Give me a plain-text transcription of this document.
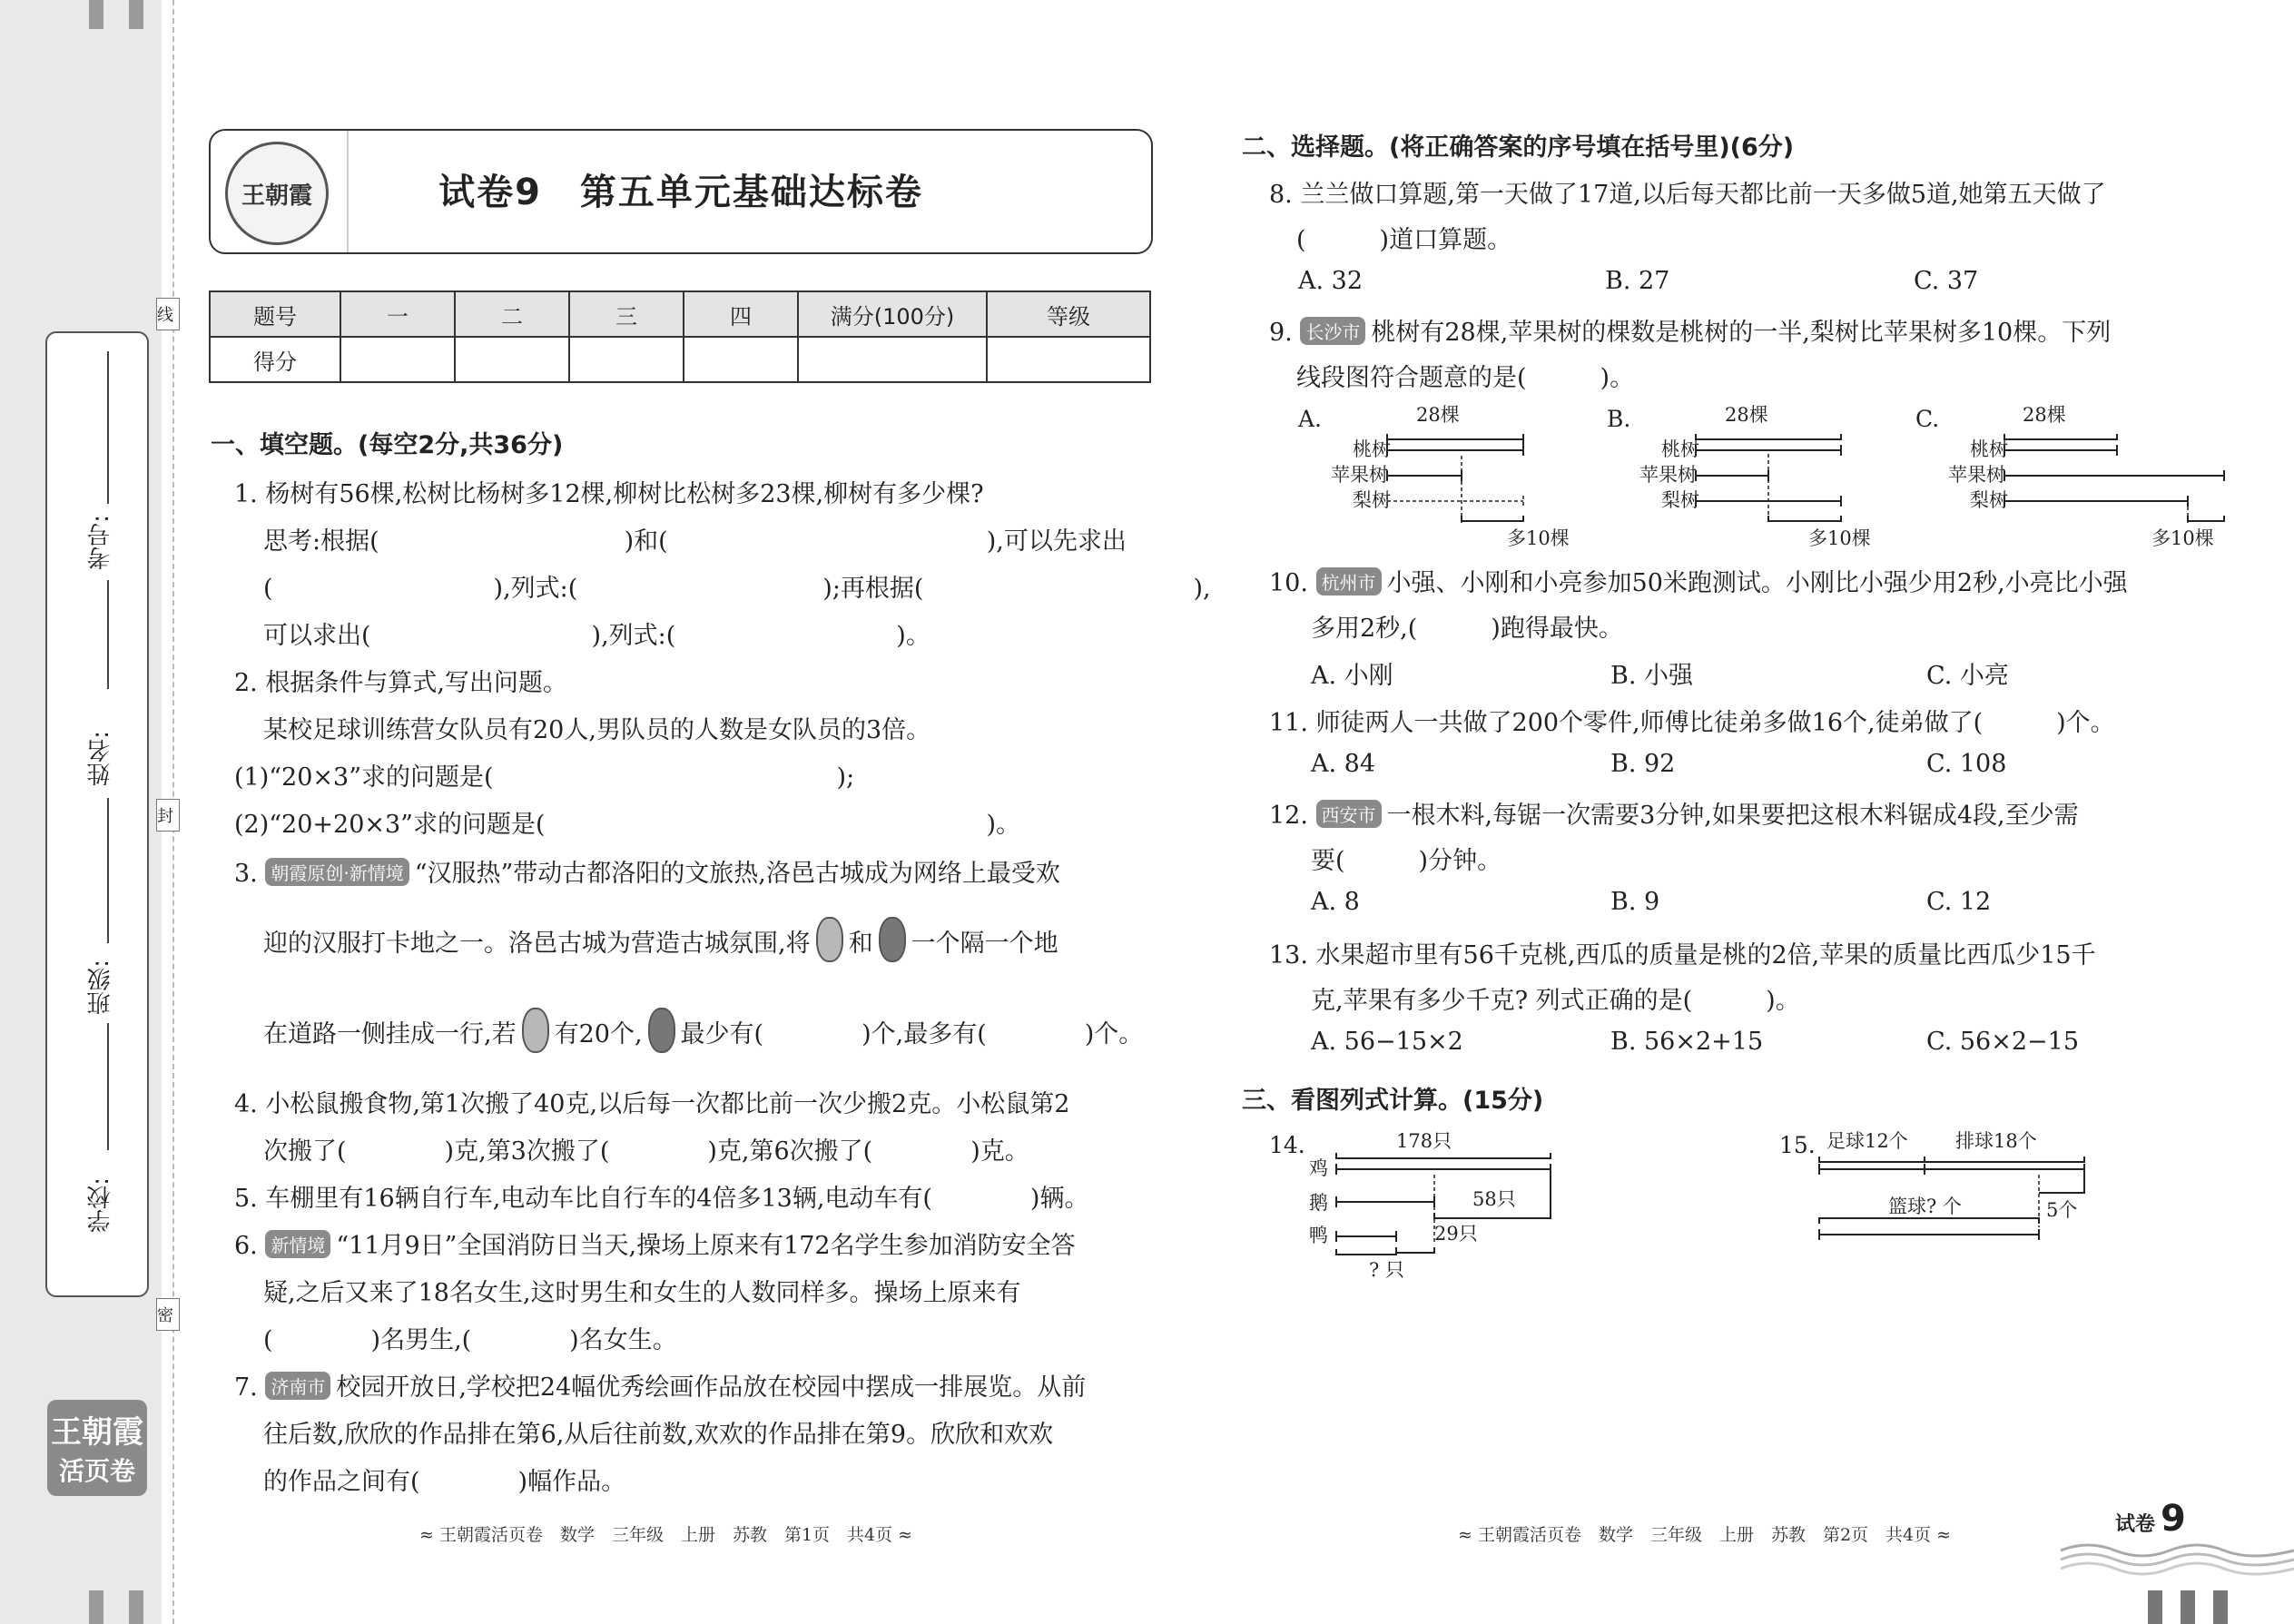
考号:
姓名:
班级:
学校:
线
封
密
王朝霞
活页卷
王朝霞	试卷9　第五单元基础达标卷
题号	一	二	三	四	满分(100分)	等级
得分						
一、填空题。(每空2分,共36分)
1. 杨树有56棵,松树比杨树多12棵,柳树比松树多23棵,柳树有多少棵?
思考:根据(　　　　　　　　　　)和(　　　　　　　　　　　　　),可以先求出
(　　　　　　　　　),列式:(　　　　　　　　　　);再根据(　　　　　　　　　　　),
可以求出(　　　　　　　　　),列式:(　　　　　　　　　)。
2. 根据条件与算式,写出问题。
某校足球训练营女队员有20人,男队员的人数是女队员的3倍。
(1)“20×3”求的问题是(　　　　　　　　　　　　　　);
(2)“20+20×3”求的问题是(　　　　　　　　　　　　　　　　　　)。
3. 朝霞原创·新情境 “汉服热”带动古都洛阳的文旅热,洛邑古城成为网络上最受欢
迎的汉服打卡地之一。洛邑古城为营造古城氛围,将 和 一个隔一个地
在道路一侧挂成一行,若 有20个, 最少有(　　　　)个,最多有(　　　　)个。
4. 小松鼠搬食物,第1次搬了40克,以后每一次都比前一次少搬2克。小松鼠第2
次搬了(　　　　)克,第3次搬了(　　　　)克,第6次搬了(　　　　)克。
5. 车棚里有16辆自行车,电动车比自行车的4倍多13辆,电动车有(　　　　)辆。
6. 新情境 “11月9日”全国消防日当天,操场上原来有172名学生参加消防安全答
疑,之后又来了18名女生,这时男生和女生的人数同样多。操场上原来有
(　　　　)名男生,(　　　　)名女生。
7. 济南市 校园开放日,学校把24幅优秀绘画作品放在校园中摆成一排展览。从前
往后数,欣欣的作品排在第6,从后往前数,欢欢的作品排在第9。欣欣和欢欢
的作品之间有(　　　　)幅作品。
≈ 王朝霞活页卷　数学　三年级　上册　苏教　第1页　共4页 ≈
二、选择题。(将正确答案的序号填在括号里)(6分)
8. 兰兰做口算题,第一天做了17道,以后每天都比前一天多做5道,她第五天做了
(　　　)道口算题。
A. 32	B. 27	C. 37
9. 长沙市 桃树有28棵,苹果树的棵数是桃树的一半,梨树比苹果树多10棵。下列
线段图符合题意的是(　　　)。
A.	28棵
桃树
苹果树
梨树
多10棵
B.	28棵
桃树
苹果树
梨树
多10棵
C.	28棵
桃树
苹果树
梨树
多10棵
10. 杭州市 小强、小刚和小亮参加50米跑测试。小刚比小强少用2秒,小亮比小强
多用2秒,(　　　)跑得最快。
A. 小刚	B. 小强	C. 小亮
11. 师徒两人一共做了200个零件,师傅比徒弟多做16个,徒弟做了(　　　)个。
A. 84	B. 92	C. 108
12. 西安市 一根木料,每锯一次需要3分钟,如果要把这根木料锯成4段,至少需
要(　　　)分钟。
A. 8	B. 9	C. 12
13. 水果超市里有56千克桃,西瓜的质量是桃的2倍,苹果的质量比西瓜少15千
克,苹果有多少千克? 列式正确的是(　　　)。
A. 56−15×2	B. 56×2+15	C. 56×2−15
三、看图列式计算。(15分)
14.	178只
鸡
鹅
鸭
58只
29只
? 只
15. 足球12个 排球18个
5个
篮球? 个
≈ 王朝霞活页卷　数学　三年级　上册　苏教　第2页　共4页 ≈	试卷 9
